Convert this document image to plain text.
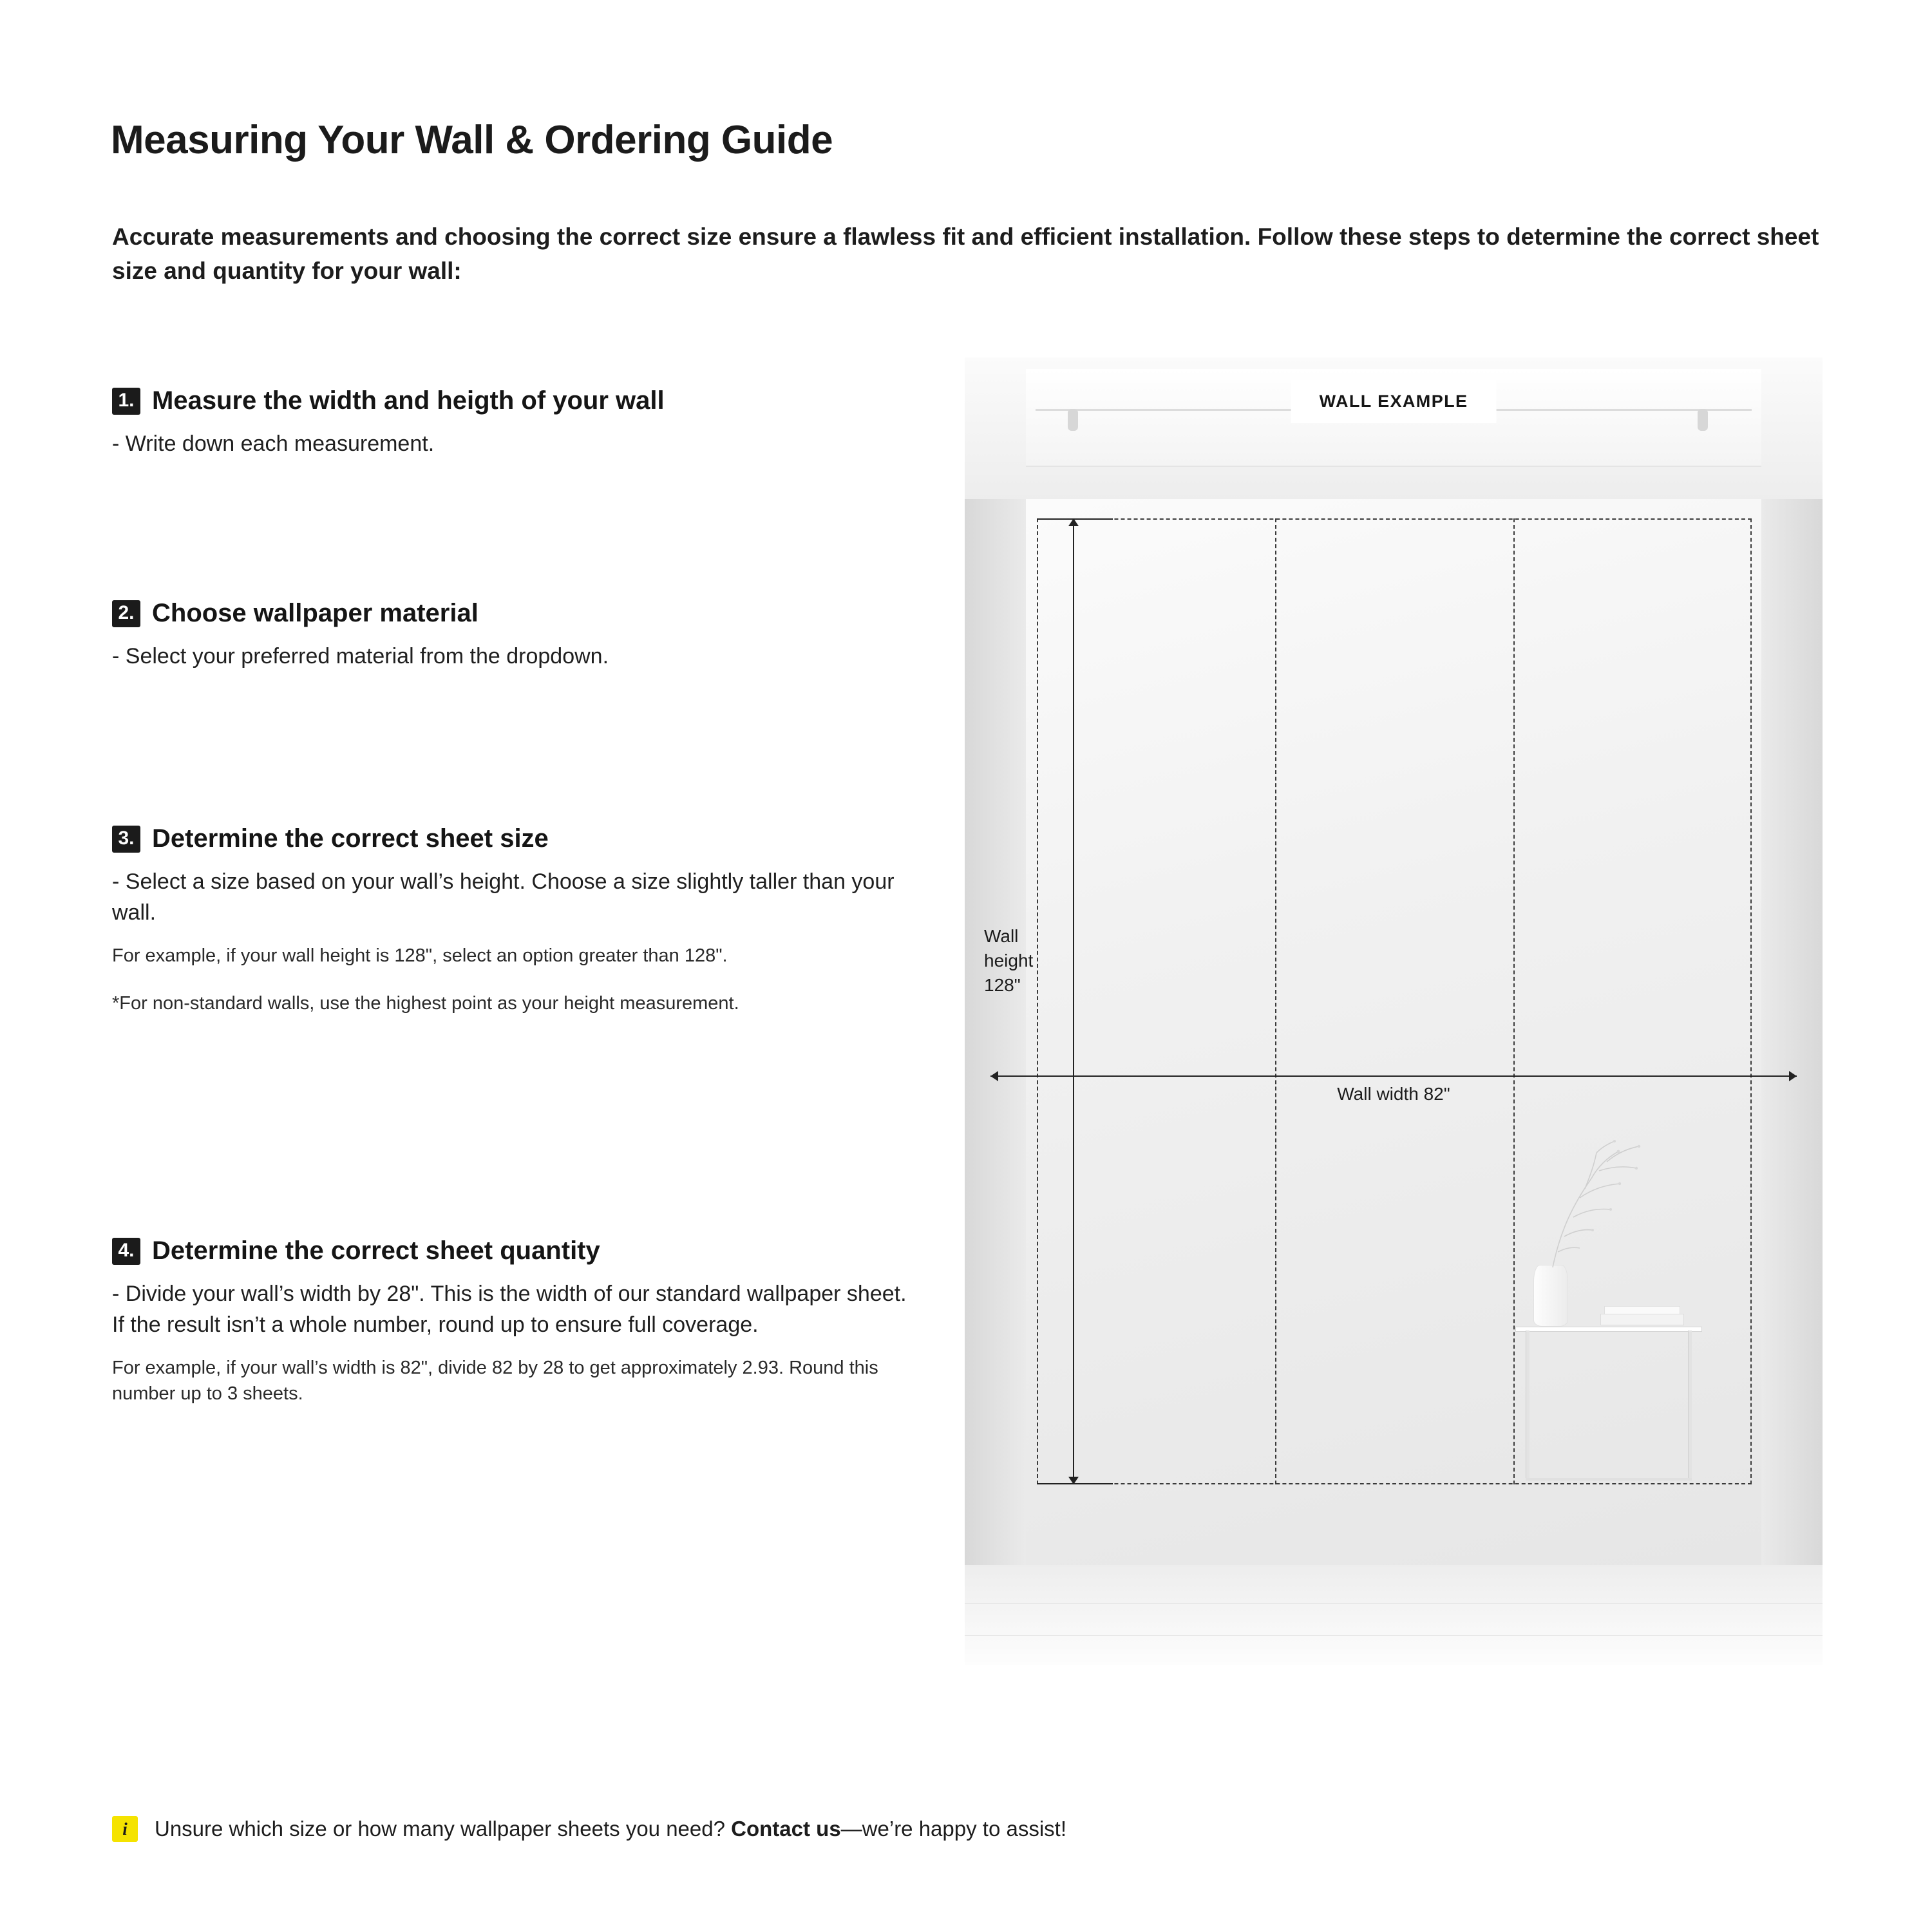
Measuring Your Wall & Ordering Guide

Accurate measurements and choosing the correct size ensure a flawless fit and efficient installation. Follow these steps to determine the correct sheet size and quantity for your wall:

1. Measure the width and heigth of your wall
- Write down each measurement.
2. Choose wallpaper material
- Select your preferred material from the dropdown.
3. Determine the correct sheet size
- Select a size based on your wall’s height. Choose a size slightly taller than your wall.
For example, if your wall height is 128", select an option greater than 128".
*For non-standard walls, use the highest point as your height measurement.
4. Determine the correct sheet quantity
- Divide your wall’s width by 28". This is the width of our standard wallpaper sheet. If the result isn’t a whole number, round up to ensure full coverage.
For example, if your wall’s width is 82", divide 82 by 28 to get approximately 2.93. Round this number up to 3 sheets.
WALL EXAMPLE
Wall
height
128"
Wall width 82"
i	Unsure which size or how many wallpaper sheets you need? Contact us—we’re happy to assist!
